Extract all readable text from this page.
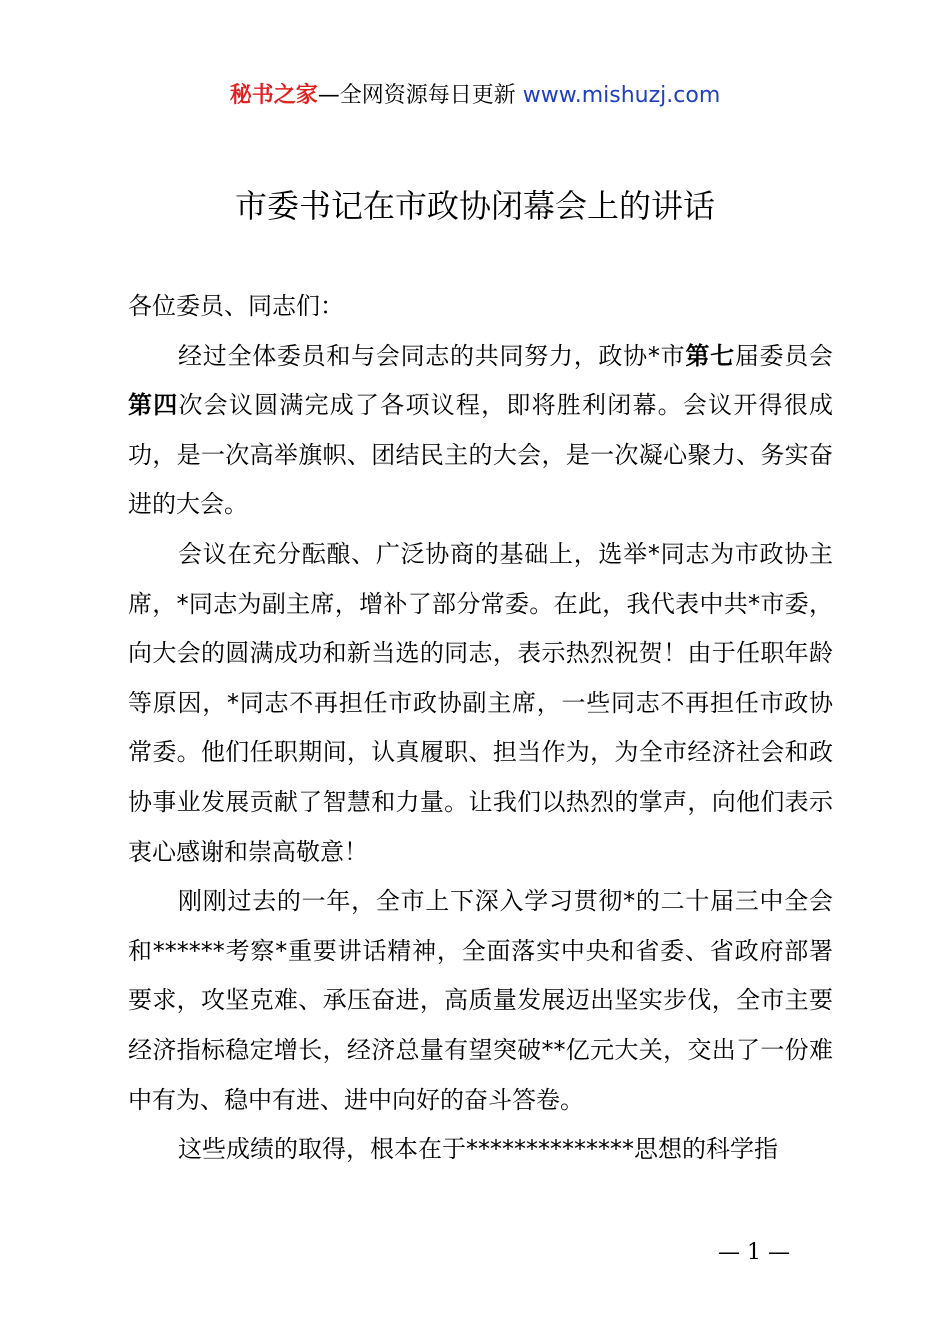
秘书之家—全网资源每日更新 www.mishuzj.com
市委书记在市政协闭幕会上的讲话

各位委员、同志们：

经过全体委员和与会同志的共同努力，政协*市第七届委员会第四次会议圆满完成了各项议程，即将胜利闭幕。会议开得很成功，是一次高举旗帜、团结民主的大会，是一次凝心聚力、务实奋进的大会。

会议在充分酝酿、广泛协商的基础上，选举*同志为市政协主席，*同志为副主席，增补了部分常委。在此，我代表中共*市委，向大会的圆满成功和新当选的同志，表示热烈祝贺！由于任职年龄等原因，*同志不再担任市政协副主席，一些同志不再担任市政协常委。他们任职期间，认真履职、担当作为，为全市经济社会和政协事业发展贡献了智慧和力量。让我们以热烈的掌声，向他们表示衷心感谢和崇高敬意！

刚刚过去的一年，全市上下深入学习贯彻*的二十届三中全会和******考察*重要讲话精神，全面落实中央和省委、省政府部署要求，攻坚克难、承压奋进，高质量发展迈出坚实步伐，全市主要经济指标稳定增长，经济总量有望突破**亿元大关，交出了一份难中有为、稳中有进、进中向好的奋斗答卷。

这些成绩的取得，根本在于**************思想的科学指

— 1 —
